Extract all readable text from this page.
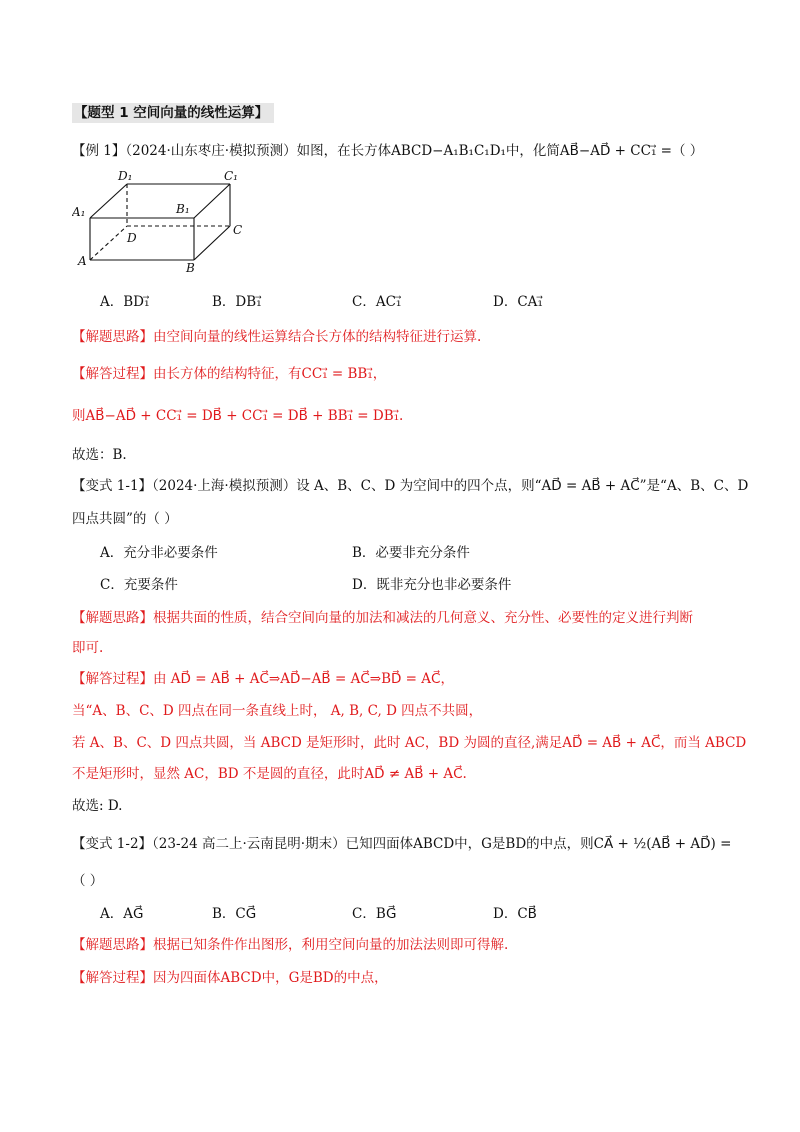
【题型 1 空间向量的线性运算】
【例 1】（2024·山东枣庄·模拟预测）如图，在长方体ABCD−A₁B₁C₁D₁中，化简AB⃗−AD⃗ + CC₁⃗ =（ ）
D₁	C₁
A₁	B₁
D
C
A	B
A．BD₁⃗	B．DB₁⃗	C．AC₁⃗	D．CA₁⃗
【解题思路】由空间向量的线性运算结合长方体的结构特征进行运算.
【解答过程】由长方体的结构特征，有CC₁⃗ = BB₁⃗，
则AB⃗−AD⃗ + CC₁⃗ = DB⃗ + CC₁⃗ = DB⃗ + BB₁⃗ = DB₁⃗.
故选：B.
【变式 1-1】（2024·上海·模拟预测）设 A、B、C、D 为空间中的四个点，则“AD⃗ = AB⃗ + AC⃗”是“A、B、C、D
四点共圆”的（ ）
A．充分非必要条件	B．必要非充分条件
C．充要条件	D．既非充分也非必要条件
【解题思路】根据共面的性质，结合空间向量的加法和减法的几何意义、充分性、必要性的定义进行判断
即可.
【解答过程】由 AD⃗ = AB⃗ + AC⃗⇒AD⃗−AB⃗ = AC⃗⇒BD⃗ = AC⃗，
当“A、B、C、D 四点在同一条直线上时， A, B, C, D 四点不共圆，
若 A、B、C、D 四点共圆，当 ABCD 是矩形时，此时 AC，BD 为圆的直径,满足AD⃗ = AB⃗ + AC⃗，而当 ABCD
不是矩形时，显然 AC，BD 不是圆的直径，此时AD⃗ ≠ AB⃗ + AC⃗.
故选: D.
【变式 1-2】（23-24 高二上·云南昆明·期末）已知四面体ABCD中，G是BD的中点，则CA⃗ + ½(AB⃗ + AD⃗) =
（ ）
A．AG⃗	B．CG⃗	C．BG⃗	D．CB⃗
【解题思路】根据已知条件作出图形，利用空间向量的加法法则即可得解.
【解答过程】因为四面体ABCD中，G是BD的中点，
